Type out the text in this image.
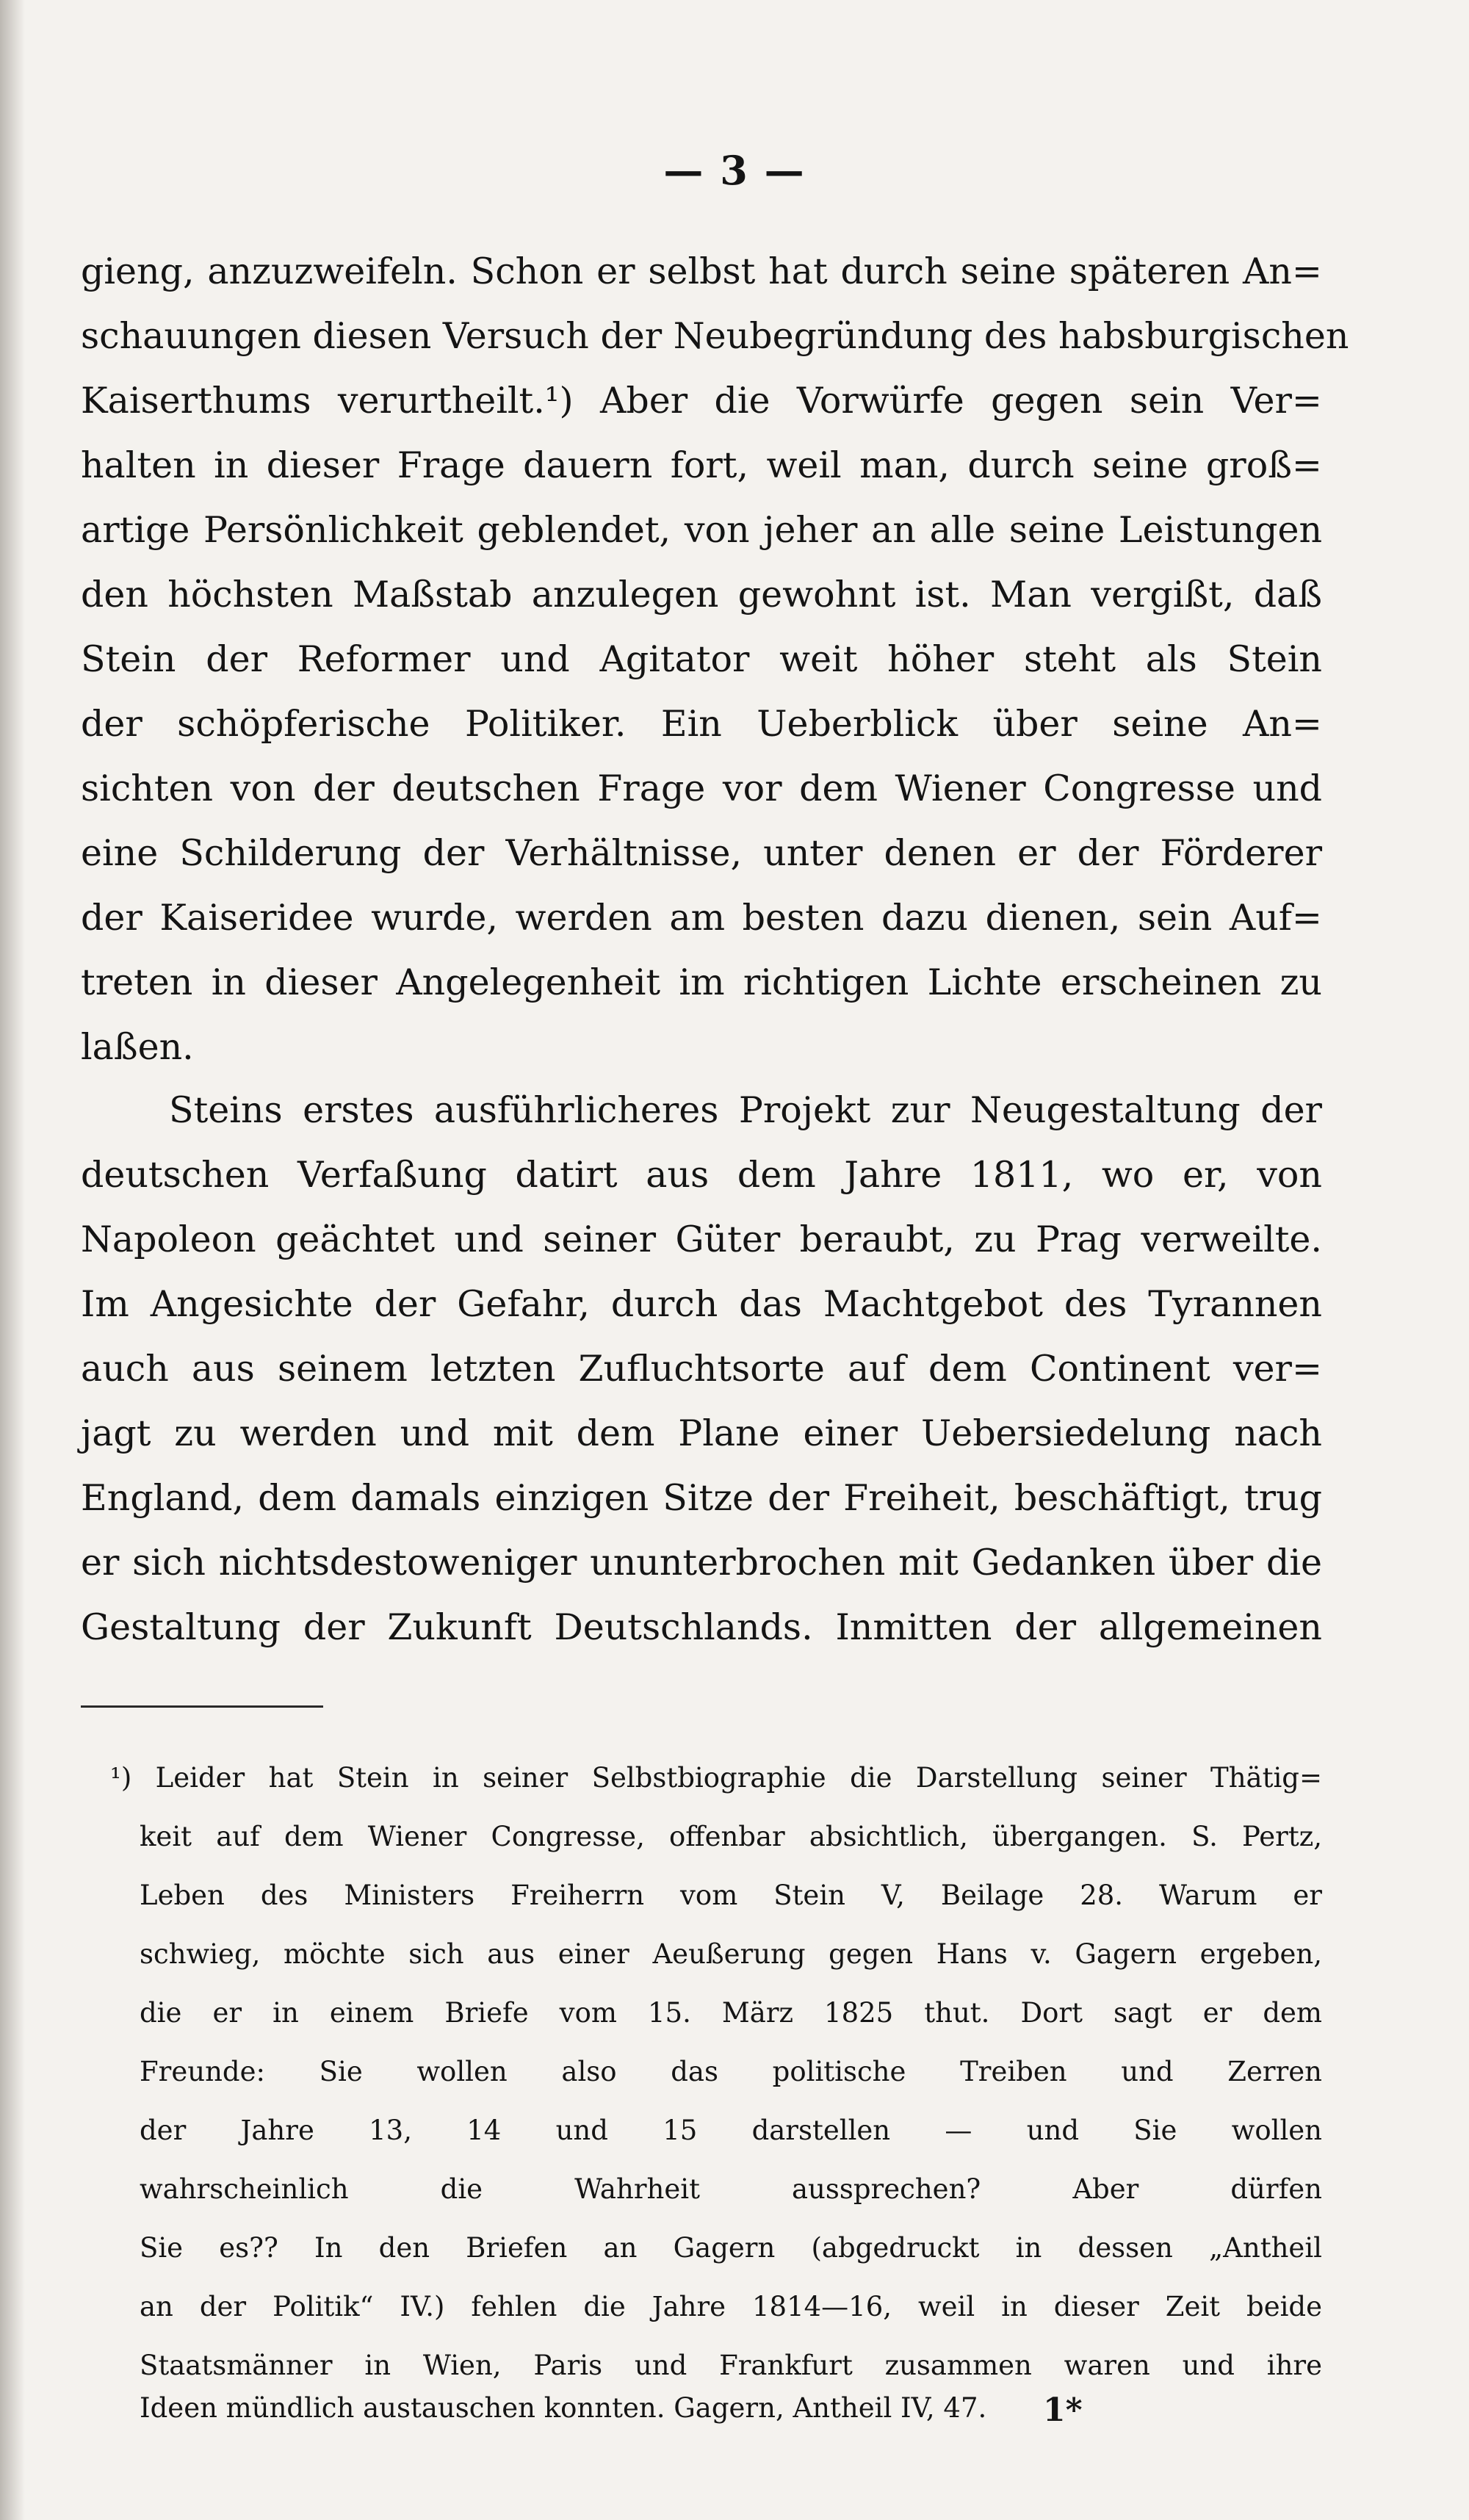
— 3 —
gieng, anzuzweifeln. Schon er selbst hat durch seine späteren An=
schauungen diesen Versuch der Neubegründung des habsburgischen
Kaiserthums verurtheilt.¹) Aber die Vorwürfe gegen sein Ver=
halten in dieser Frage dauern fort, weil man, durch seine groß=
artige Persönlichkeit geblendet, von jeher an alle seine Leistungen
den höchsten Maßstab anzulegen gewohnt ist. Man vergißt, daß
Stein der Reformer und Agitator weit höher steht als Stein
der schöpferische Politiker. Ein Ueberblick über seine An=
sichten von der deutschen Frage vor dem Wiener Congresse und
eine Schilderung der Verhältnisse, unter denen er der Förderer
der Kaiseridee wurde, werden am besten dazu dienen, sein Auf=
treten in dieser Angelegenheit im richtigen Lichte erscheinen zu
laßen.
Steins erstes ausführlicheres Projekt zur Neugestaltung der
deutschen Verfaßung datirt aus dem Jahre 1811, wo er, von
Napoleon geächtet und seiner Güter beraubt, zu Prag verweilte.
Im Angesichte der Gefahr, durch das Machtgebot des Tyrannen
auch aus seinem letzten Zufluchtsorte auf dem Continent ver=
jagt zu werden und mit dem Plane einer Uebersiedelung nach
England, dem damals einzigen Sitze der Freiheit, beschäftigt, trug
er sich nichtsdestoweniger ununterbrochen mit Gedanken über die
Gestaltung der Zukunft Deutschlands. Inmitten der allgemeinen
¹) Leider hat Stein in seiner Selbstbiographie die Darstellung seiner Thätig=
keit auf dem Wiener Congresse, offenbar absichtlich, übergangen. S. Pertz,
Leben des Ministers Freiherrn vom Stein V, Beilage 28. Warum er
schwieg, möchte sich aus einer Aeußerung gegen Hans v. Gagern ergeben,
die er in einem Briefe vom 15. März 1825 thut. Dort sagt er dem
Freunde: Sie wollen also das politische Treiben und Zerren
der Jahre 13, 14 und 15 darstellen — und Sie wollen
wahrscheinlich die Wahrheit aussprechen? Aber dürfen
Sie es?? In den Briefen an Gagern (abgedruckt in dessen „Antheil
an der Politik“ IV.) fehlen die Jahre 1814—16, weil in dieser Zeit beide
Staatsmänner in Wien, Paris und Frankfurt zusammen waren und ihre
Ideen mündlich austauschen konnten. Gagern, Antheil IV, 47.	1*
